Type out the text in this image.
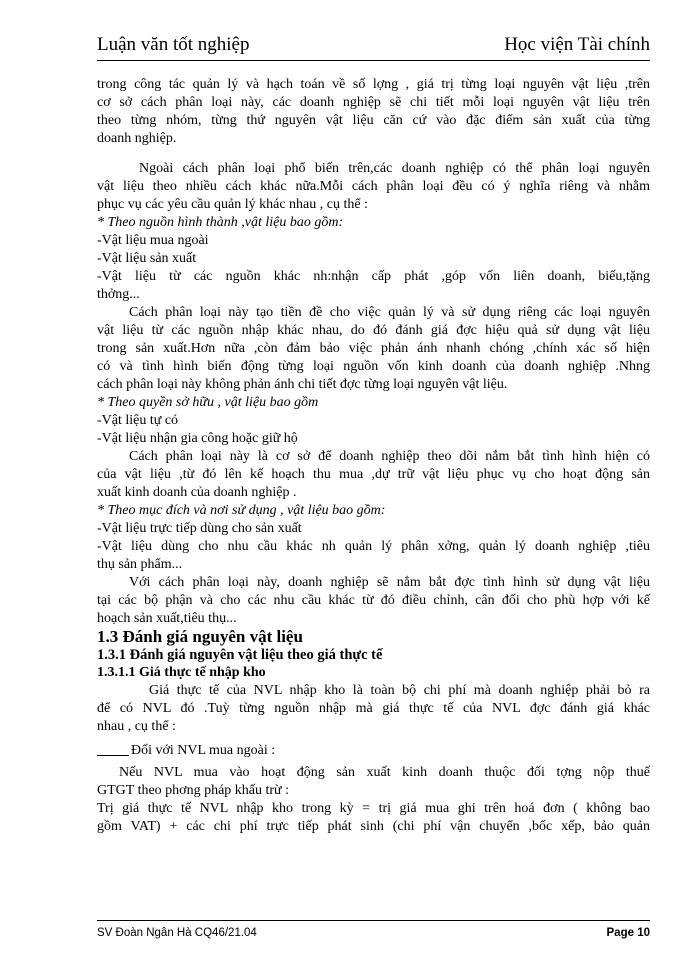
Luận văn tốt nghiệp	Học viện Tài chính

trong công tác quản lý và hạch toán về số lợng , giá trị từng loại nguyên vật liệu ,trên

cơ sở cách phân loại này, các doanh nghiệp sẽ chi tiết mỗi loại nguyên vật liệu trên

theo từng nhóm, từng thứ nguyên vật liệu căn cứ vào đặc điểm sản xuất của từng

doanh nghiệp.

Ngoài cách phân loại phổ biến trên,các doanh nghiệp có thể phân loại nguyên

vật liệu theo nhiều cách khác nữa.Mỗi cách phân loại đều có ý nghĩa riêng và nhằm

phục vụ các yêu cầu quản lý khác nhau , cụ thể :

* Theo nguồn hình thành ,vật liệu bao gồm:

-Vật liệu mua ngoài

-Vật liệu sản xuất

-Vật liệu từ các nguồn khác nh:nhận cấp phát ,góp vốn liên doanh, biếu,tặng

thởng...

Cách phân loại này tạo tiền đề cho việc quản lý và sử dụng riêng các loại nguyên

vật liệu từ các nguồn nhập khác nhau, do đó đánh giá đợc hiệu quả sử dụng vật liệu

trong sản xuất.Hơn nữa ,còn đảm bảo việc phản ánh nhanh chóng ,chính xác số hiện

có và tình hình biến động từng loại nguồn vốn kinh doanh của doanh nghiệp .Nhng

cách phân loại này không phản ánh chi tiết đợc từng loại nguyên vật liệu.

* Theo quyền sở hữu , vật liệu bao gồm

-Vật liệu tự có

-Vật liệu nhận gia công hoặc giữ hộ

Cách phân loại này là cơ sở để doanh nghiệp theo dõi nắm bắt tình hình hiện có

của vật liệu ,từ đó lên kế hoạch thu mua ,dự trữ vật liệu phục vụ cho hoạt động sản

xuất kinh doanh của doanh nghiệp .

* Theo mục đích và nơi sử dụng , vật liệu bao gồm:

-Vật liệu trực tiếp dùng cho sản xuất

-Vật liệu dùng cho nhu cầu khác nh quản lý phân xởng, quản lý doanh nghiệp ,tiêu

thụ sản phẩm...

Với cách phân loại này, doanh nghiệp sẽ nắm bắt đợc tình hình sử dụng vật liệu

tại các bộ phận và cho các nhu cầu khác từ đó điều chỉnh, cân đối cho phù hợp với kế

hoạch sản xuất,tiêu thụ...

1.3 Đánh giá nguyên vật liệu

1.3.1 Đánh giá nguyên vật liệu theo giá thực tế

1.3.1.1 Giá thực tế nhập kho

Giá thực tế của NVL nhập kho là toàn bộ chi phí mà doanh nghiệp phải bỏ ra

để có NVL đó .Tuỳ từng nguồn nhập mà giá thực tế của NVL đợc đánh giá khác

nhau , cụ thể :

Đối với NVL mua ngoài :

Nếu NVL mua vào hoạt động sản xuất kinh doanh thuộc đối tợng nộp thuế

GTGT theo phơng pháp khấu trừ :

Trị giá thực tế NVL nhập kho trong kỳ = trị giá mua ghi trên hoá đơn ( không bao

gồm VAT) + các chi phí trực tiếp phát sinh (chi phí vận chuyển ,bốc xếp, bảo quản

SV Đoàn Ngân Hà CQ46/21.04	Page 10
